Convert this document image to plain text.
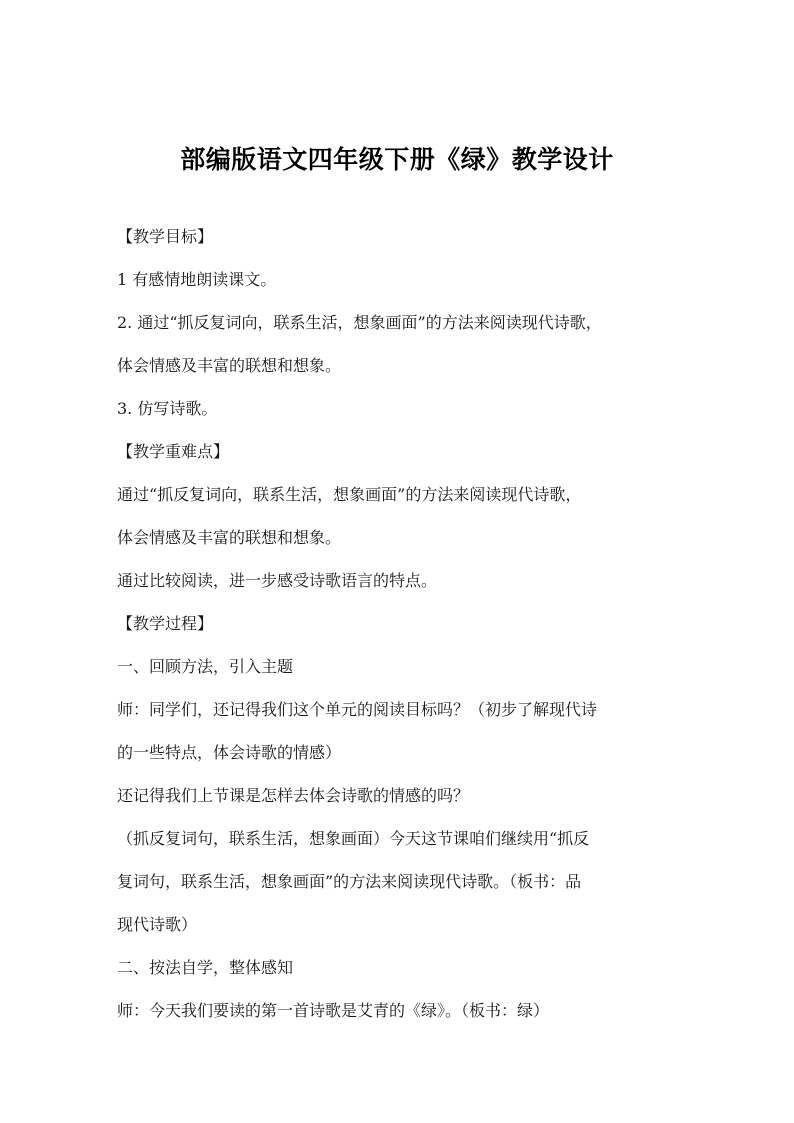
部编版语文四年级下册《绿》教学设计
【教学目标】
1 有感情地朗读课文。
2. 通过“抓反复词向，联系生活，想象画面”的方法来阅读现代诗歌，
体会情感及丰富的联想和想象。
3. 仿写诗歌。
【教学重难点】
通过“抓反复词向，联系生活，想象画面”的方法来阅读现代诗歌，
体会情感及丰富的联想和想象。
通过比较阅读，进一步感受诗歌语言的特点。
【教学过程】
一、回顾方法，引入主题
师：同学们，还记得我们这个单元的阅读目标吗？（初步了解现代诗
的一些特点，体会诗歌的情感）
还记得我们上节课是怎样去体会诗歌的情感的吗？
（抓反复词句，联系生活，想象画面）今天这节课咱们继续用“抓反
复词句，联系生活，想象画面”的方法来阅读现代诗歌。（板书：品
现代诗歌）
二、按法自学，整体感知
师：今天我们要读的第一首诗歌是艾青的《绿》。（板书：绿）
